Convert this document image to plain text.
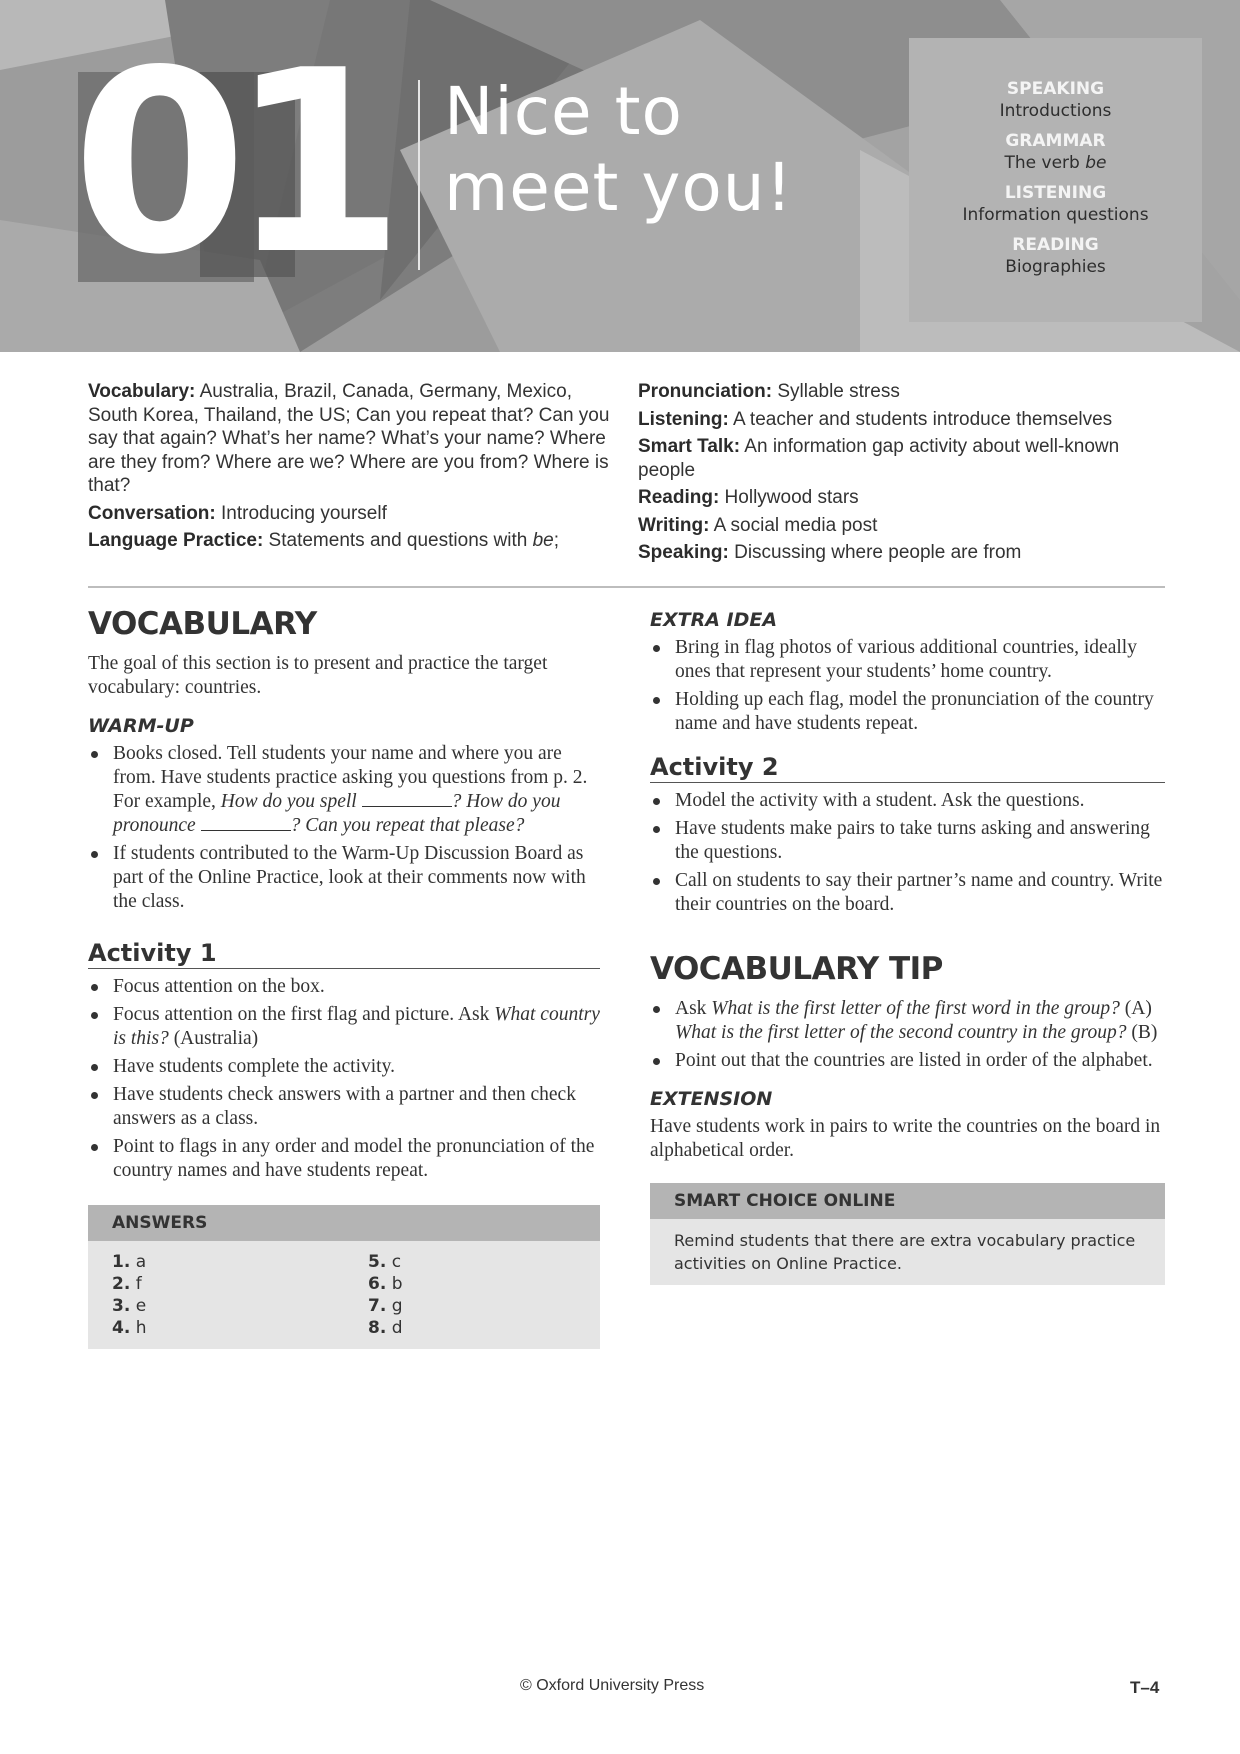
01 Nice to
meet you!
SPEAKING
Introductions
GRAMMAR
The verb be
LISTENING
Information questions
READING
Biographies
Vocabulary: Australia, Brazil, Canada, Germany, Mexico, South Korea, Thailand, the US; Can you repeat that? Can you say that again? What’s her name? What’s your name? Where are they from? Where are we? Where are you from? Where is that?
Conversation: Introducing yourself
Language Practice: Statements and questions with be;
Pronunciation: Syllable stress
Listening: A teacher and students introduce themselves
Smart Talk: An information gap activity about well-known people
Reading: Hollywood stars
Writing: A social media post
Speaking: Discussing where people are from
VOCABULARY
The goal of this section is to present and practice the target vocabulary: countries.
WARM-UP
Books closed. Tell students your name and where you are from. Have students practice asking you questions from p. 2. For example, How do you spell	? How do you pronounce	? Can you repeat that please?
If students contributed to the Warm-Up Discussion Board as part of the Online Practice, look at their comments now with the class.
Activity 1
Focus attention on the box.
Focus attention on the first flag and picture. Ask What country is this? (Australia)
Have students complete the activity.
Have students check answers with a partner and then check answers as a class.
Point to flags in any order and model the pronunciation of the country names and have students repeat.
ANSWERS
1. a	5. c
2. f	6. b
3. e	7. g
4. h	8. d
EXTRA IDEA
Bring in flag photos of various additional countries, ideally ones that represent your students’ home country.
Holding up each flag, model the pronunciation of the country name and have students repeat.
Activity 2
Model the activity with a student. Ask the questions.
Have students make pairs to take turns asking and answering the questions.
Call on students to say their partner’s name and country. Write their countries on the board.
VOCABULARY TIP
Ask What is the first letter of the first word in the group? (A) What is the first letter of the second country in the group? (B)
Point out that the countries are listed in order of the alphabet.
EXTENSION
Have students work in pairs to write the countries on the board in alphabetical order.
SMART CHOICE ONLINE
Remind students that there are extra vocabulary practice activities on Online Practice.
© Oxford University Press	T–4
